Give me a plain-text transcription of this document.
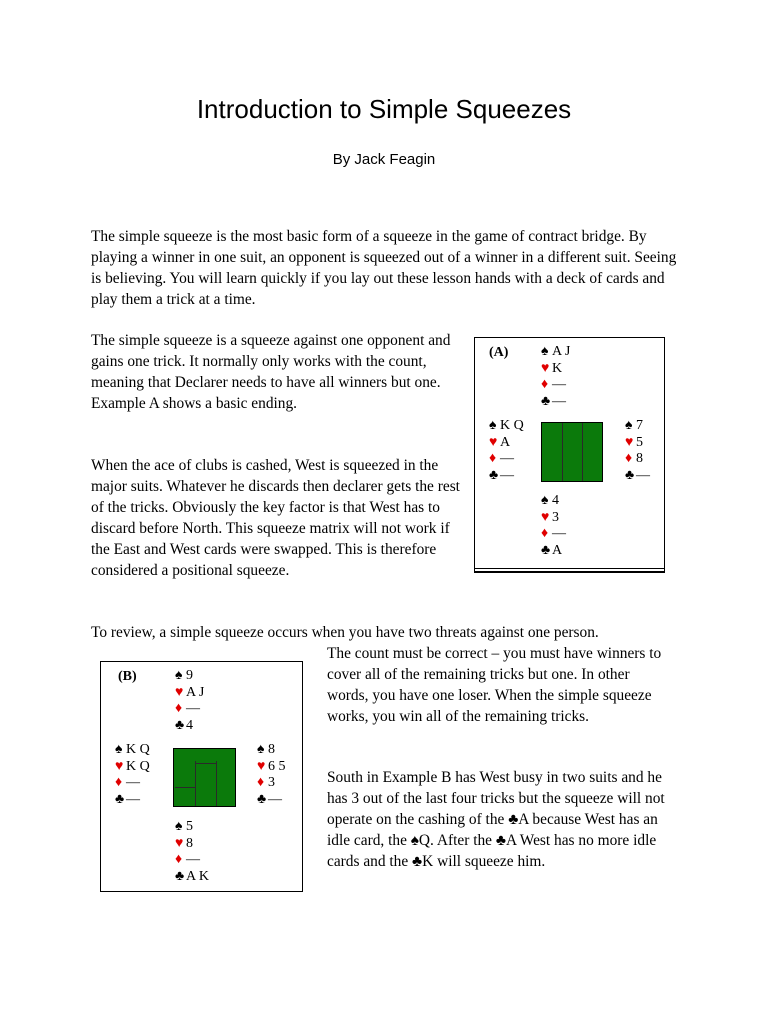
Introduction to Simple Squeezes
By Jack Feagin

The simple squeeze is the most basic form of a squeeze in the game of contract bridge. By playing a winner in one suit, an opponent is squeezed out of a winner in a different suit. Seeing is believing. You will learn quickly if you lay out these lesson hands with a deck of cards and play them a trick at a time.

The simple squeeze is a squeeze against one opponent and gains one trick. It normally only works with the count, meaning that Declarer needs to have all winners but one. Example A shows a basic ending.

When the ace of clubs is cashed, West is squeezed in the major suits. Whatever he discards then declarer gets the rest of the tricks. Obviously the key factor is that West has to discard before North. This squeeze matrix will not work if the East and West cards were swapped. This is therefore considered a positional squeeze.

To review, a simple squeeze occurs when you have two threats against one person.

The count must be correct – you must have winners to cover all of the remaining tricks but one. In other words, you have one loser. When the simple squeeze works, you win all of the remaining tricks.

South in Example B has West busy in two suits and he has 3 out of the last four tricks but the squeeze will not operate on the cashing of the ♣A because West has an idle card, the ♠Q. After the ♣A West has no more idle cards and the ♣K will squeeze him.

(A) ♠ A J
♥ K
♦ —
♣ —
♠ K Q
♥ A
♦ —
♣ —
♠ 7
♥ 5
♦ 8
♣ —
♠ 4
♥ 3
♦ —
♣ A
(B)	♠ 9
♥ A J
♦ —
♣ 4
♠ K Q
♥ K Q
♦ —
♣ —
♠ 8
♥ 6 5
♦ 3
♣ —
♠ 5
♥ 8
♦ —
♣ A K
